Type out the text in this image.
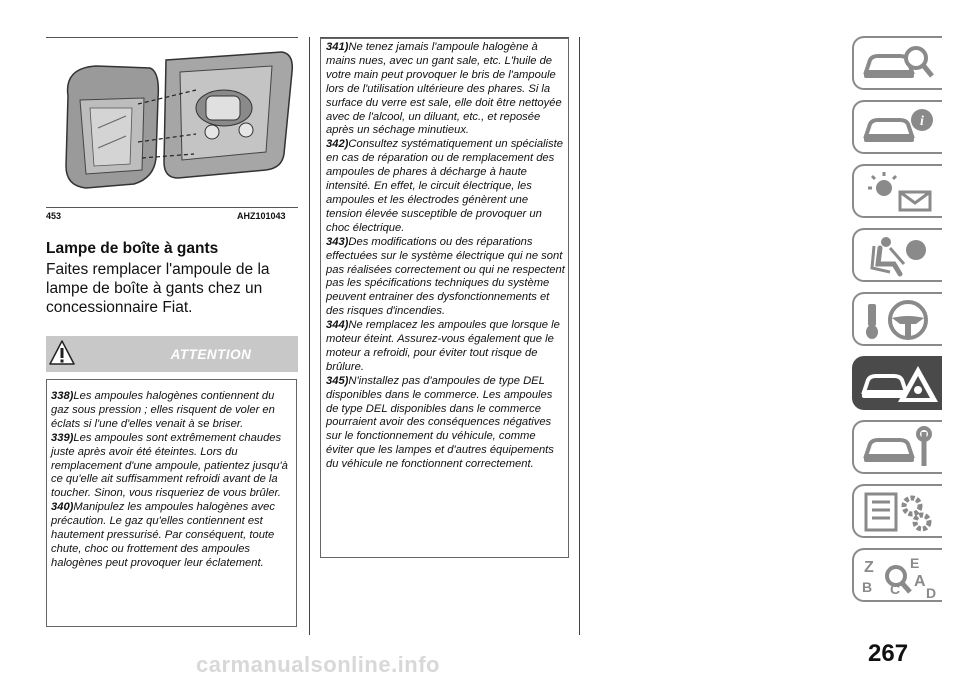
453	AHZ101043
Lampe de boîte à gants
Faites remplacer l'ampoule de la lampe de boîte à gants chez un concessionnaire Fiat.
ATTENTION

338)Les ampoules halogènes contiennent du gaz sous pression ; elles risquent de voler en éclats si l'une d'elles venait à se briser.

339)Les ampoules sont extrêmement chaudes juste après avoir été éteintes. Lors du remplacement d'une ampoule, patientez jusqu'à ce qu'elle ait suffisamment refroidi avant de la toucher. Sinon, vous risqueriez de vous brûler.

340)Manipulez les ampoules halogènes avec précaution. Le gaz qu'elles contiennent est hautement pressurisé. Par conséquent, toute chute, choc ou frottement des ampoules halogènes peut provoquer leur éclatement.

341)Ne tenez jamais l'ampoule halogène à mains nues, avec un gant sale, etc. L'huile de votre main peut provoquer le bris de l'ampoule lors de l'utilisation ultérieure des phares. Si la surface du verre est sale, elle doit être nettoyée avec de l'alcool, un diluant, etc., et reposée après un séchage minutieux.

342)Consultez systématiquement un spécialiste en cas de réparation ou de remplacement des ampoules de phares à décharge à haute intensité. En effet, le circuit électrique, les ampoules et les électrodes génèrent une tension élevée susceptible de provoquer un choc électrique.

343)Des modifications ou des réparations effectuées sur le système électrique qui ne sont pas réalisées correctement ou qui ne respectent pas les spécifications techniques du système peuvent entrainer des dysfonctionnements et des risques d'incendies.

344)Ne remplacez les ampoules que lorsque le moteur éteint. Assurez-vous également que le moteur a refroidi, pour éviter tout risque de brûlure.

345)N'installez pas d'ampoules de type DEL disponibles dans le commerce. Les ampoules de type DEL disponibles dans le commerce pourraient avoir des conséquences négatives sur le fonctionnement du véhicule, comme éviter que les lampes et d'autres équipements du véhicule ne fonctionnent correctement.

i
Z	E
B	A
C D
267
carmanualsonline.info
